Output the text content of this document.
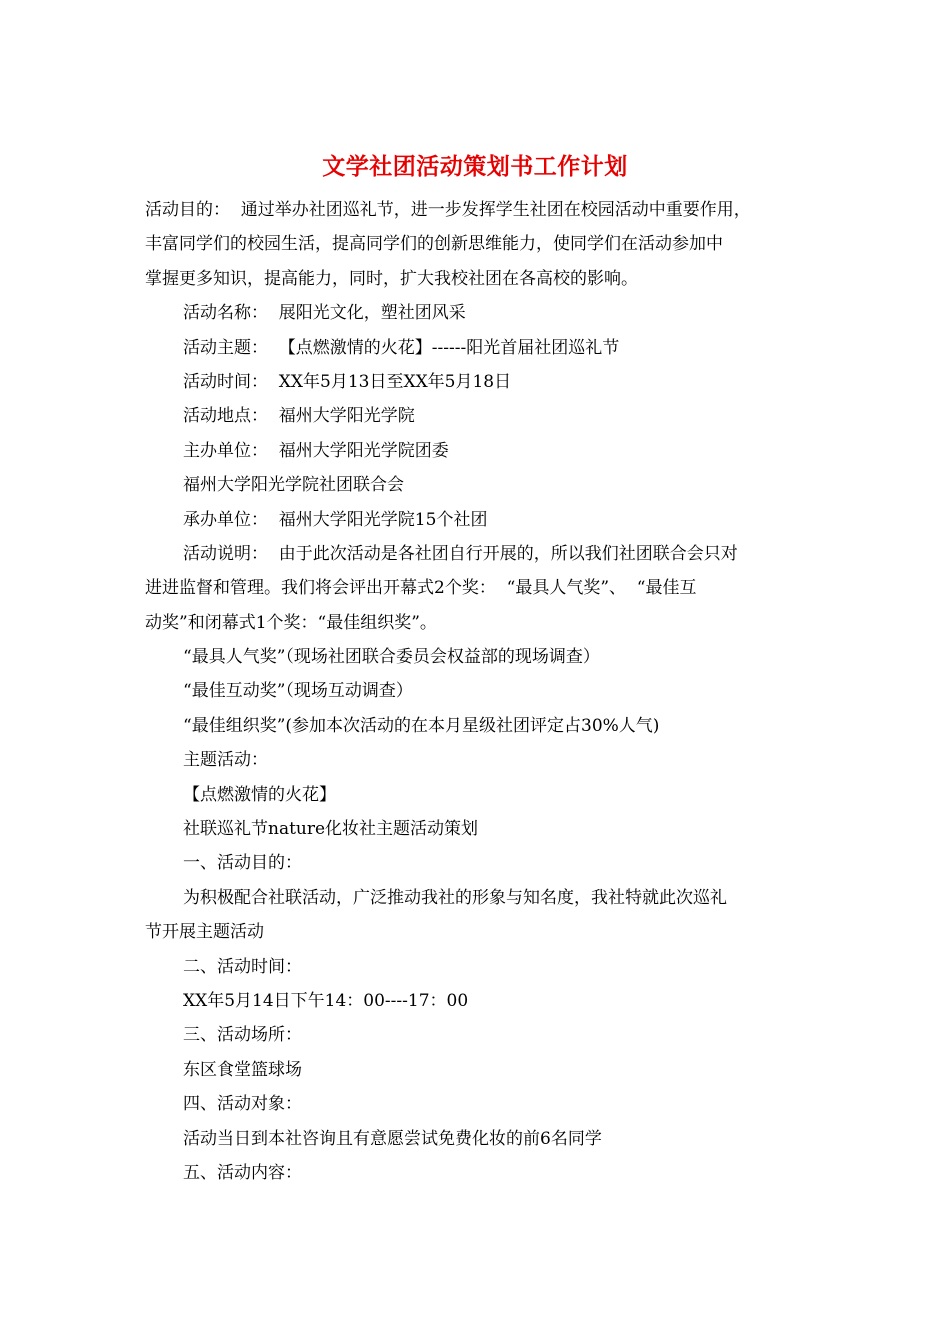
文学社团活动策划书工作计划
活动目的：  通过举办社团巡礼节，进一步发挥学生社团在校园活动中重要作用，
丰富同学们的校园生活，提高同学们的创新思维能力，使同学们在活动参加中
掌握更多知识，提高能力，同时，扩大我校社团在各高校的影响。
活动名称：  展阳光文化，塑社团风采
活动主题：  【点燃激情的火花】------阳光首届社团巡礼节
活动时间：  XX年5月13日至XX年5月18日
活动地点：  福州大学阳光学院
主办单位：  福州大学阳光学院团委
福州大学阳光学院社团联合会
承办单位：  福州大学阳光学院15个社团
活动说明：  由于此次活动是各社团自行开展的，所以我们社团联合会只对
进进监督和管理。我们将会评出开幕式2个奖：  “最具人气奖”、  “最佳互
动奖”和闭幕式1个奖：“最佳组织奖”。
“最具人气奖”（现场社团联合委员会权益部的现场调查）
“最佳互动奖”（现场互动调查）
“最佳组织奖”(参加本次活动的在本月星级社团评定占30%人气)
主题活动：
【点燃激情的火花】
社联巡礼节nature化妆社主题活动策划
一、活动目的：
为积极配合社联活动，广泛推动我社的形象与知名度，我社特就此次巡礼
节开展主题活动
二、活动时间：
XX年5月14日下午14：00----17：00
三、活动场所：
东区食堂篮球场
四、活动对象：
活动当日到本社咨询且有意愿尝试免费化妆的前6名同学
五、活动内容：
